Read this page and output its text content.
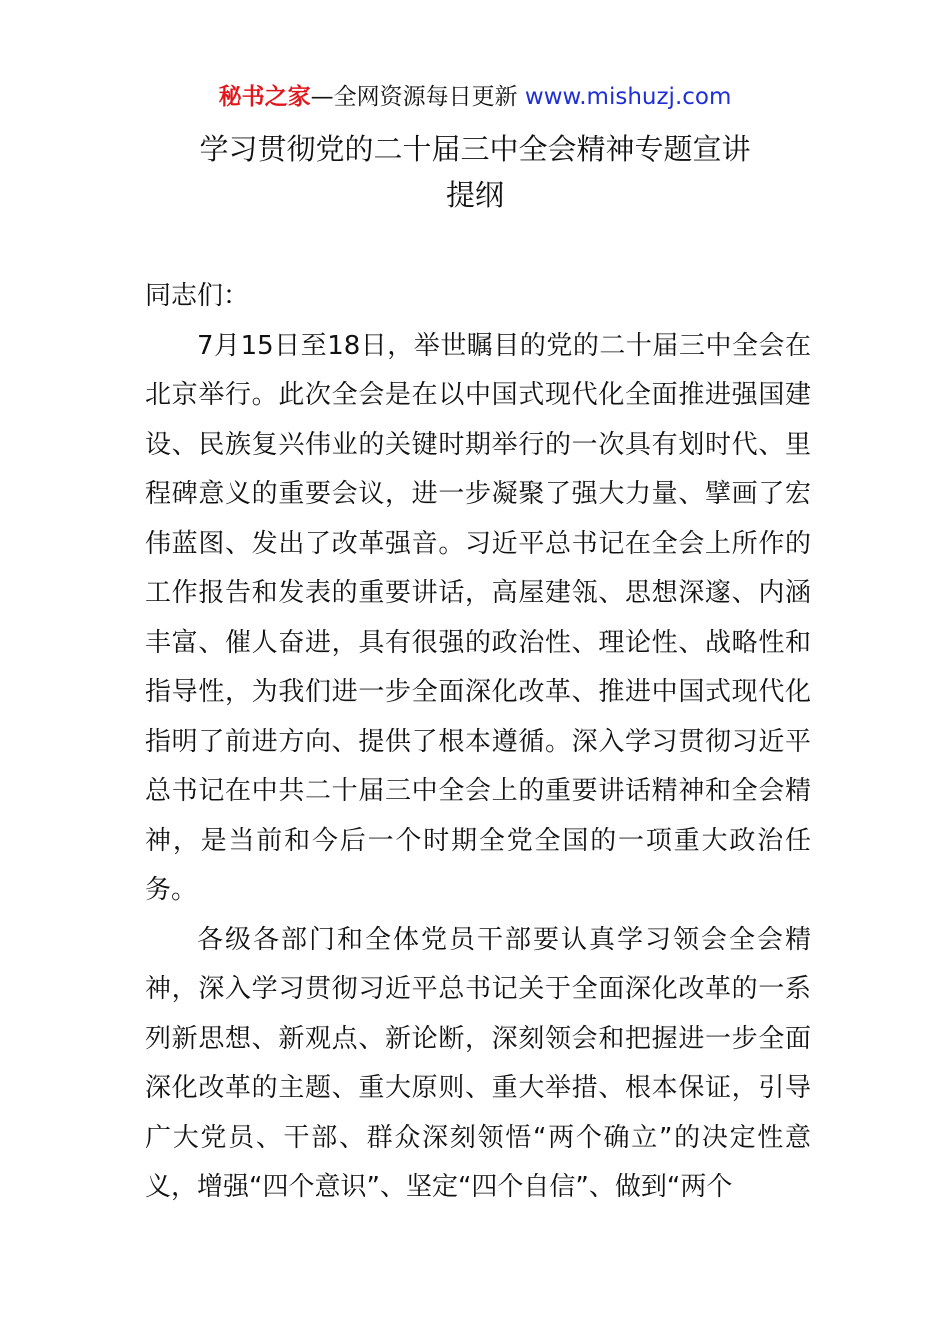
秘书之家—全网资源每日更新 www.mishuzj.com
学习贯彻党的二十届三中全会精神专题宣讲
提纲

同志们：

7月15日至18日，举世瞩目的党的二十届三中全会在北京举行。此次全会是在以中国式现代化全面推进强国建设、民族复兴伟业的关键时期举行的一次具有划时代、里程碑意义的重要会议，进一步凝聚了强大力量、擘画了宏伟蓝图、发出了改革强音。习近平总书记在全会上所作的工作报告和发表的重要讲话，高屋建瓴、思想深邃、内涵丰富、催人奋进，具有很强的政治性、理论性、战略性和指导性，为我们进一步全面深化改革、推进中国式现代化指明了前进方向、提供了根本遵循。深入学习贯彻习近平总书记在中共二十届三中全会上的重要讲话精神和全会精神，是当前和今后一个时期全党全国的一项重大政治任务。

各级各部门和全体党员干部要认真学习领会全会精神，深入学习贯彻习近平总书记关于全面深化改革的一系列新思想、新观点、新论断，深刻领会和把握进一步全面深化改革的主题、重大原则、重大举措、根本保证，引导广大党员、干部、群众深刻领悟“两个确立”的决定性意义，增强“四个意识”、坚定“四个自信”、做到“两个
